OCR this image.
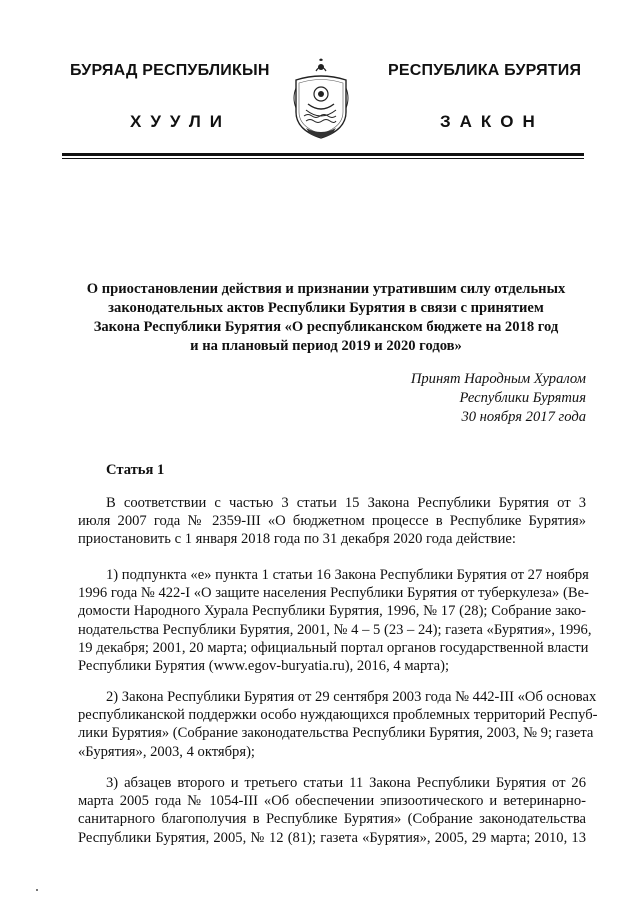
БУРЯАД РЕСПУБЛИКЫН	РЕСПУБЛИКА БУРЯТИЯ
ХУУЛИ	ЗАКОН
О приостановлении действия и признании утратившим силу отдельных
законодательных актов Республики Бурятия в связи с принятием
Закона Республики Бурятия «О республиканском бюджете на 2018 год
и на плановый период 2019 и 2020 годов»
Принят Народным Хуралом
Республики Бурятия
30 ноября 2017 года
Статья 1
В соответствии с частью 3 статьи 15 Закона Республики Бурятия от 3
июля 2007 года № 2359-III «О бюджетном процессе в Республике Бурятия»
приостановить с 1 января 2018 года по 31 декабря 2020 года действие:
1) подпункта «е» пункта 1 статьи 16 Закона Республики Бурятия от 27 ноября
1996 года № 422-I «О защите населения Республики Бурятия от туберкулеза» (Ве-
домости Народного Хурала Республики Бурятия, 1996, № 17 (28); Собрание зако-
нодательства Республики Бурятия, 2001, № 4 – 5 (23 – 24); газета «Бурятия», 1996,
19 декабря; 2001, 20 марта; официальный портал органов государственной власти
Республики Бурятия (www.egov-buryatia.ru), 2016, 4 марта);
2) Закона Республики Бурятия от 29 сентября 2003 года № 442-III «Об основах
республиканской поддержки особо нуждающихся проблемных территорий Респуб-
лики Бурятия» (Собрание законодательства Республики Бурятия, 2003, № 9; газета
«Бурятия», 2003, 4 октября);
3) абзацев второго и третьего статьи 11 Закона Республики Бурятия от 26
марта 2005 года № 1054-III «Об обеспечении эпизоотического и ветеринарно-
санитарного благополучия в Республике Бурятия» (Собрание законодательства
Республики Бурятия, 2005, № 12 (81); газета «Бурятия», 2005, 29 марта; 2010, 13
